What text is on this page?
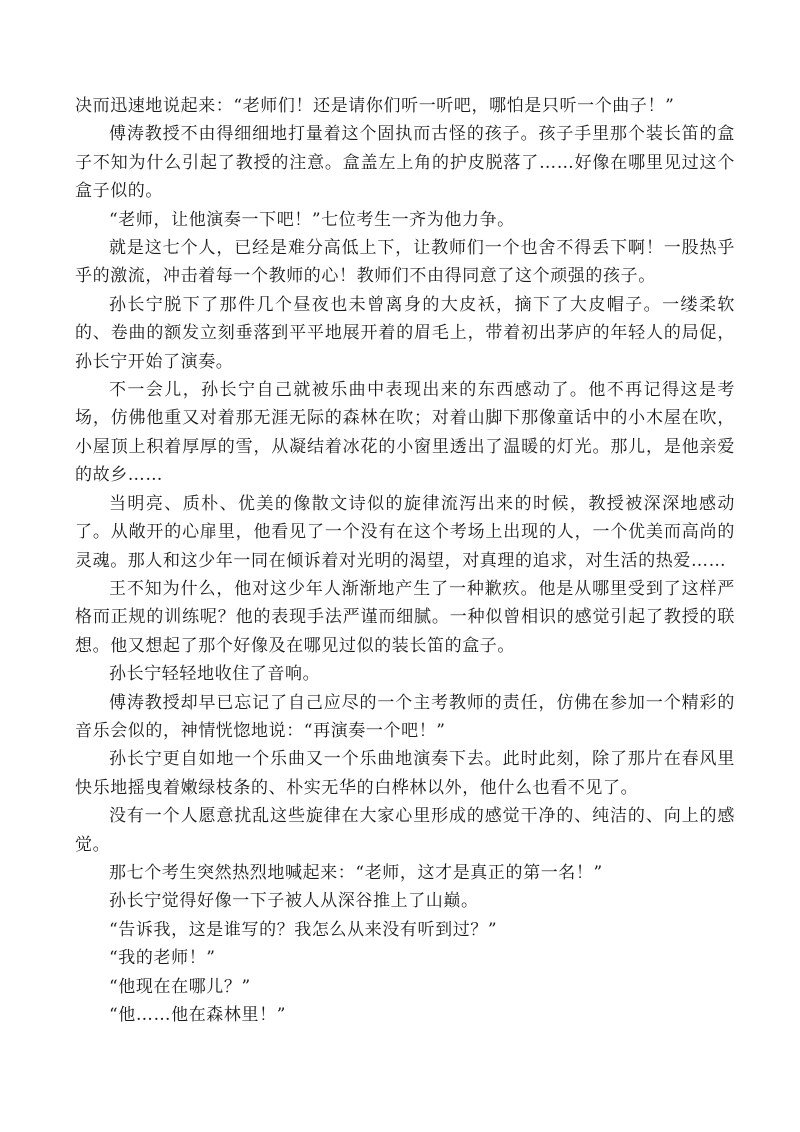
决而迅速地说起来：“老师们！还是请你们听一听吧，哪怕是只听一个曲子！”

傅涛教授不由得细细地打量着这个固执而古怪的孩子。孩子手里那个装长笛的盒子不知为什么引起了教授的注意。盒盖左上角的护皮脱落了……好像在哪里见过这个盒子似的。

“老师，让他演奏一下吧！”七位考生一齐为他力争。

就是这七个人，已经是难分高低上下，让教师们一个也舍不得丢下啊！一股热乎乎的激流，冲击着每一个教师的心！教师们不由得同意了这个顽强的孩子。

孙长宁脱下了那件几个昼夜也未曾离身的大皮袄，摘下了大皮帽子。一缕柔软的、卷曲的额发立刻垂落到平平地展开着的眉毛上，带着初出茅庐的年轻人的局促，孙长宁开始了演奏。

不一会儿，孙长宁自己就被乐曲中表现出来的东西感动了。他不再记得这是考场，仿佛他重又对着那无涯无际的森林在吹；对着山脚下那像童话中的小木屋在吹，小屋顶上积着厚厚的雪，从凝结着冰花的小窗里透出了温暖的灯光。那儿，是他亲爱的故乡……

当明亮、质朴、优美的像散文诗似的旋律流泻出来的时候，教授被深深地感动了。从敞开的心扉里，他看见了一个没有在这个考场上出现的人，一个优美而高尚的灵魂。那人和这少年一同在倾诉着对光明的渴望，对真理的追求，对生活的热爱……

王不知为什么，他对这少年人渐渐地产生了一种歉疚。他是从哪里受到了这样严格而正规的训练呢？他的表现手法严谨而细腻。一种似曾相识的感觉引起了教授的联想。他又想起了那个好像及在哪见过似的装长笛的盒子。

孙长宁轻轻地收住了音响。

傅涛教授却早已忘记了自己应尽的一个主考教师的责任，仿佛在参加一个精彩的音乐会似的，神情恍惚地说：“再演奏一个吧！”

孙长宁更自如地一个乐曲又一个乐曲地演奏下去。此时此刻，除了那片在春风里快乐地摇曳着嫩绿枝条的、朴实无华的白桦林以外，他什么也看不见了。

没有一个人愿意扰乱这些旋律在大家心里形成的感觉干净的、纯洁的、向上的感觉。

那七个考生突然热烈地喊起来：“老师，这才是真正的第一名！”

孙长宁觉得好像一下子被人从深谷推上了山巅。

“告诉我，这是谁写的？我怎么从来没有听到过？”

“我的老师！”

“他现在在哪儿？”

“他……他在森林里！”
